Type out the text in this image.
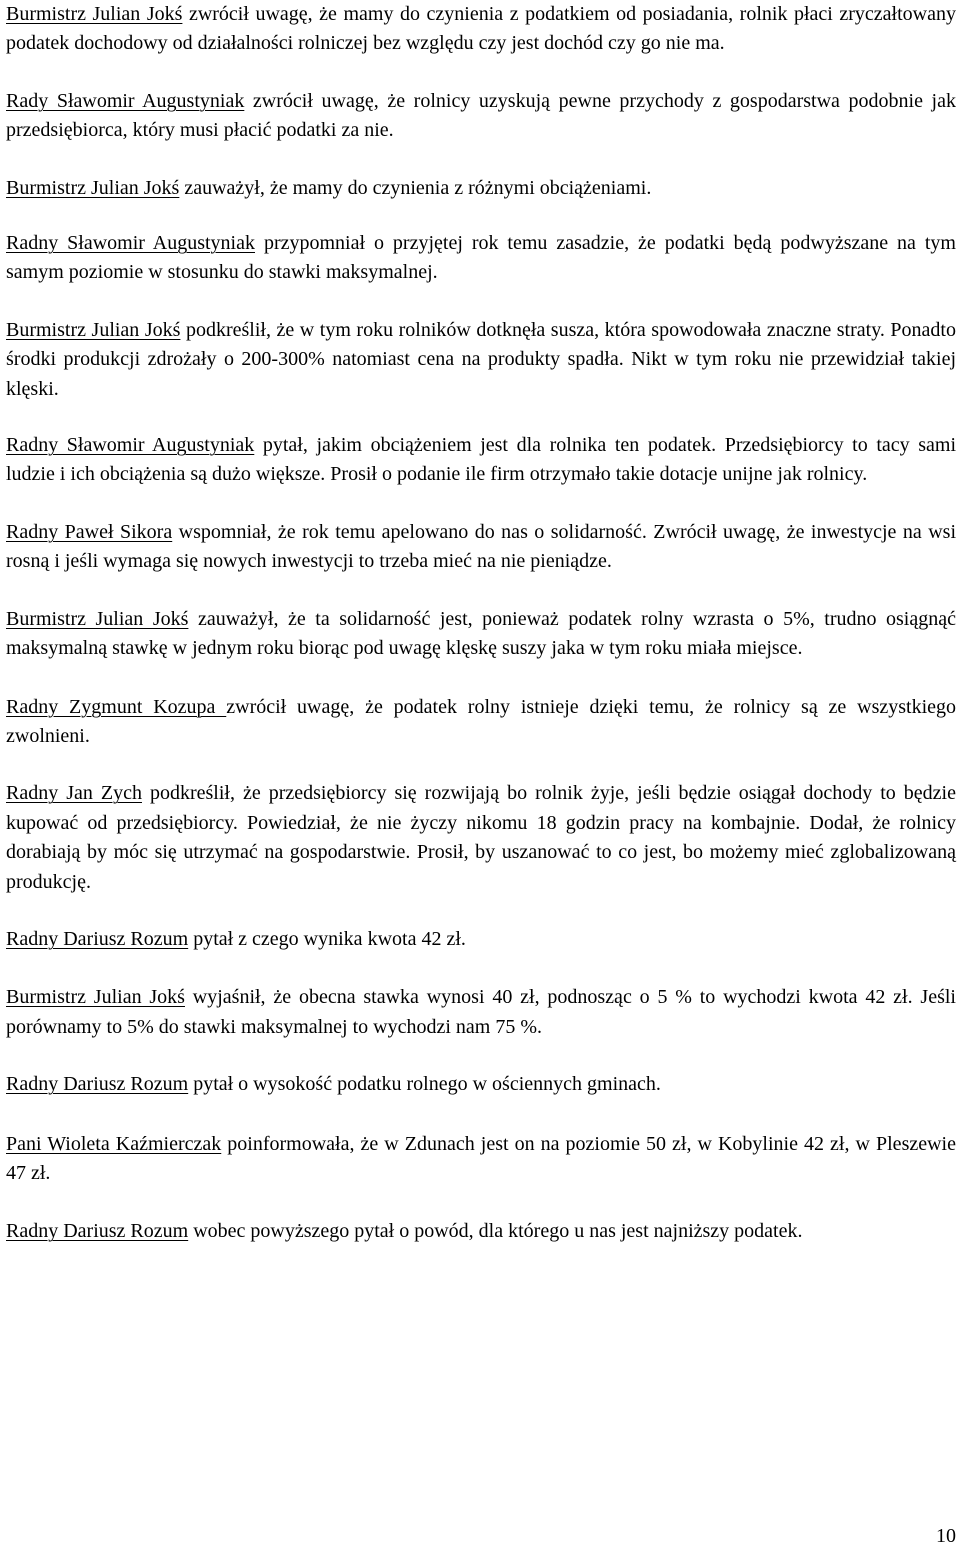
Burmistrz Julian Jokś zwrócił uwagę, że mamy do czynienia z podatkiem od posiadania, rolnik płaci zryczałtowany podatek dochodowy od działalności rolniczej bez względu czy jest dochód czy go nie ma.

Rady Sławomir Augustyniak zwrócił uwagę, że rolnicy uzyskują pewne przychody z gospodarstwa podobnie jak przedsiębiorca, który musi płacić podatki za nie.

Burmistrz Julian Jokś zauważył, że mamy do czynienia z różnymi obciążeniami.

Radny Sławomir Augustyniak przypomniał o przyjętej rok temu zasadzie, że podatki będą podwyższane na tym samym poziomie w stosunku do stawki maksymalnej.

Burmistrz Julian Jokś podkreślił, że w tym roku rolników dotknęła susza, która spowodowała znaczne straty. Ponadto środki produkcji zdrożały o 200-300% natomiast cena na produkty spadła. Nikt w tym roku nie przewidział takiej klęski.

Radny Sławomir Augustyniak pytał, jakim obciążeniem jest dla rolnika ten podatek. Przedsiębiorcy to tacy sami ludzie i ich obciążenia są dużo większe. Prosił o podanie ile firm otrzymało takie dotacje unijne jak rolnicy.

Radny Paweł Sikora wspomniał, że rok temu apelowano do nas o solidarność. Zwrócił uwagę, że inwestycje na wsi rosną i jeśli wymaga się nowych inwestycji to trzeba mieć na nie pieniądze.

Burmistrz Julian Jokś zauważył, że ta solidarność jest, ponieważ podatek rolny wzrasta o 5%, trudno osiągnąć maksymalną stawkę w jednym roku biorąc pod uwagę klęskę suszy jaka w tym roku miała miejsce.

Radny Zygmunt Kozupa zwrócił uwagę, że podatek rolny istnieje dzięki temu, że rolnicy są ze wszystkiego zwolnieni.

Radny Jan Zych podkreślił, że przedsiębiorcy się rozwijają bo rolnik żyje, jeśli będzie osiągał dochody to będzie kupować od przedsiębiorcy. Powiedział, że nie życzy nikomu 18 godzin pracy na kombajnie. Dodał, że rolnicy dorabiają by móc się utrzymać na gospodarstwie. Prosił, by uszanować to co jest, bo możemy mieć zglobalizowaną produkcję.

Radny Dariusz Rozum pytał z czego wynika kwota 42 zł.

Burmistrz Julian Jokś wyjaśnił, że obecna stawka wynosi 40 zł, podnosząc o 5 % to wychodzi kwota 42 zł. Jeśli porównamy to 5% do stawki maksymalnej to wychodzi nam 75 %.

Radny Dariusz Rozum pytał o wysokość podatku rolnego w ościennych gminach.

Pani Wioleta Kaźmierczak poinformowała, że w Zdunach jest on na poziomie 50 zł, w Kobylinie 42 zł, w Pleszewie 47 zł.

Radny Dariusz Rozum wobec powyższego pytał o powód, dla którego u nas jest najniższy podatek.

10
